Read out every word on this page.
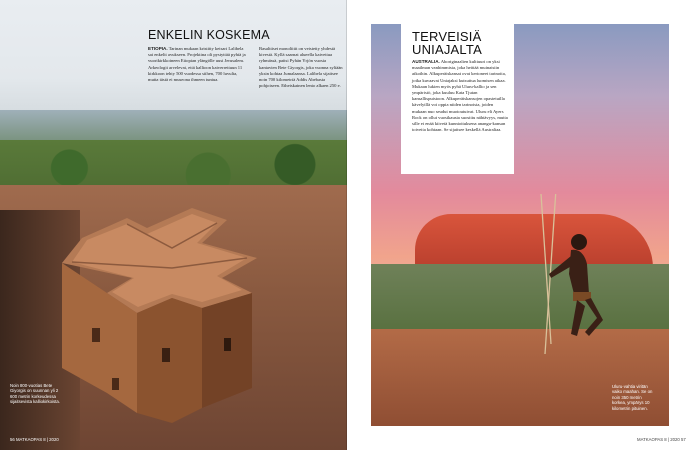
ENKELIN KOSKEMA
ETIOPIA. Tarinan mukaan kristitty keisari Lalibela sai enkelit avukseen. Projektina oli pystyttää pyhiä ja vuorikirkkoineen Etiopian ylängölle uusi Jerusalem. Arkeologit arvelevat, että kallioon kaiverrettuun 11 kirkkoon tehty 500 vuodessa siihen, 700 luvulta, mutta tästä ei museona ihmeen tuntua.
Basalttiset monoliitit on veistetty yhdestä kivestä. Kyllä saarnat alueella kaivettua ryhmässä, paitsi Pyhän Yrjön vuosia kantavien Bete Giyorgis, joka vuonna syliään yksin kohtaa Jumalaansa. Lalibela sijaitsee noin 700 kilometriä Addis Abebasta pohjoiseen. Etheiskainen lento alkaen 250 e.
Noin 800-vuotias Bete Giyorgis on suunnan yli 2 600 metrin korkeudessa sijaitsevista kalliokirkoista.
56 MATKAOPAS 8 | 2020
TERVEISIÄ
UNIAJALTA
AUSTRALIA. Aboriginaalien kulttuuri on yksi maailman vanhimmista, joka heittää muinaisiin aikoihin. Alkuperäiskansat ovat kertoneet tarinoita, jotka kuvaavat Uniajaksi kutsuttua luomisen aikaa. Mukaan lukien myös pyhä Uluru-kallio ja sen ympäristö, joka kuuluu Kata Tjutan kansallispuistoon. Alkuperäiskansojen opastetuilla kävelyillä voi oppia niiden tarinoista, joiden mukaan nuo seudut muotoutuivat. Uluru eli Ayers Rock on ollut vuosikausia suosittu nähtävyys, mutta sille ei enää kiivetä kunnioituksena anangu-kansan toiveita kohtaan. Se sijaitsee keskellä Australiaa.
Uluru-vahtia viritän vaiko maahan. Se on noin 350 metrin korkea, ympärys 10 kilometrin pituinen.
MATKAOPAS 8 | 2020 57
